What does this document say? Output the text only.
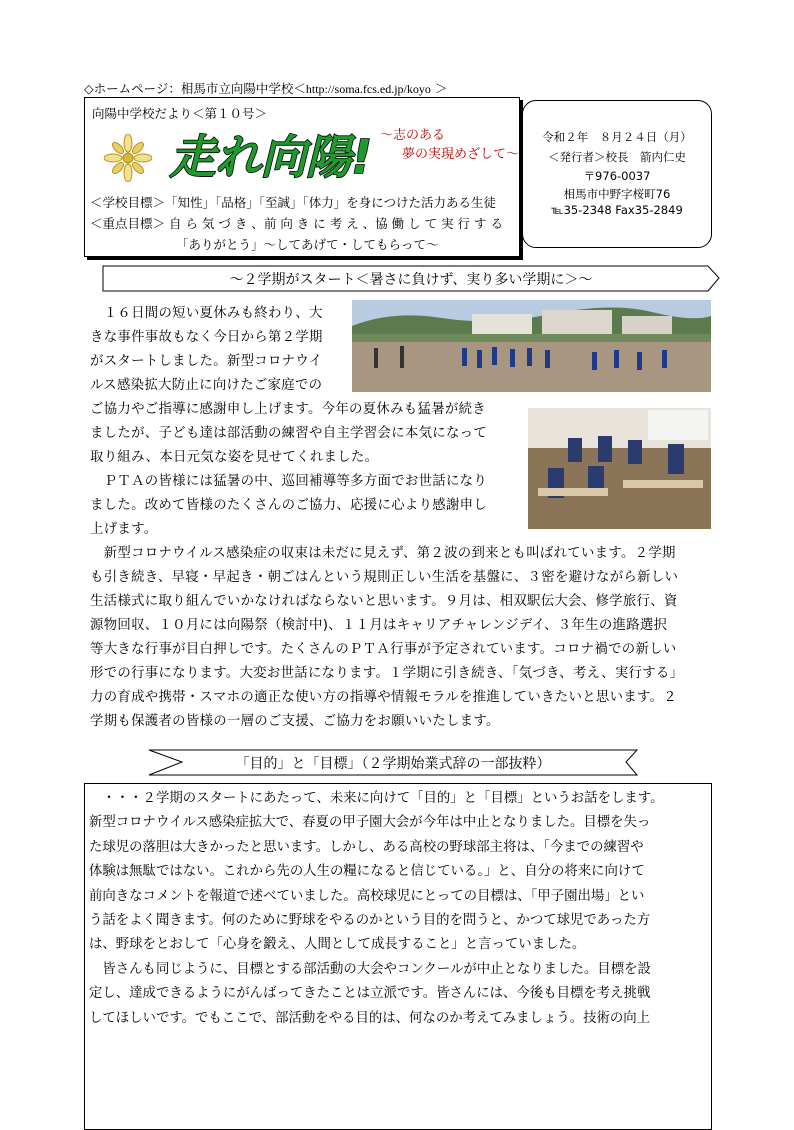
◇ホームページ：相馬市立向陽中学校＜http://soma.fcs.ed.jp/koyo ＞
向陽中学校だより＜第１０号＞
走れ向陽! ～志のある
夢の実現めざして～
＜学校目標＞「知性」「品格」「至誠」「体力」を身につけた活力ある生徒
＜重点目標＞ 自 ら 気 づ き 、前 向 き に 考 え 、協 働 し て 実 行 す る
「ありがとう」～してあげて・してもらって～
令和２年　８月２４日（月）
＜発行者＞校長　箭内仁史
〒976-0037
相馬市中野字桜町76
℡35-2348 Fax35-2849
～２学期がスタート＜暑さに負けず、実り多い学期に＞～
　１６日間の短い夏休みも終わり、大
きな事件事故もなく今日から第２学期
がスタートしました。新型コロナウイ
ルス感染拡大防止に向けたご家庭での
ご協力やご指導に感謝申し上げます。今年の夏休みも猛暑が続き
ましたが、子ども達は部活動の練習や自主学習会に本気になって
取り組み、本日元気な姿を見せてくれました。
　ＰＴＡの皆様には猛暑の中、巡回補導等多方面でお世話になり
ました。改めて皆様のたくさんのご協力、応援に心より感謝申し
上げます。
　新型コロナウイルス感染症の収束は未だに見えず、第２波の到来とも叫ばれています。２学期
も引き続き、早寝・早起き・朝ごはんという規則正しい生活を基盤に、３密を避けながら新しい
生活様式に取り組んでいかなければならないと思います。９月は、相双駅伝大会、修学旅行、資
源物回収、１０月には向陽祭（検討中)、１１月はキャリアチャレンジデイ、３年生の進路選択
等大きな行事が目白押しです。たくさんのＰＴＡ行事が予定されています。コロナ禍での新しい
形での行事になります。大変お世話になります。１学期に引き続き、「気づき、考え、実行する」
力の育成や携帯・スマホの適正な使い方の指導や情報モラルを推進していきたいと思います。２
学期も保護者の皆様の一層のご支援、ご協力をお願いいたします。
「目的」と「目標」（２学期始業式辞の一部抜粋）
　・・・２学期のスタートにあたって、未来に向けて「目的」と「目標」というお話をします。
新型コロナウイルス感染症拡大で、春夏の甲子園大会が今年は中止となりました。目標を失っ
た球児の落胆は大きかったと思います。しかし、ある高校の野球部主将は、「今までの練習や
体験は無駄ではない。これから先の人生の糧になると信じている。」と、自分の将来に向けて
前向きなコメントを報道で述べていました。高校球児にとっての目標は、「甲子園出場」とい
う話をよく聞きます。何のために野球をやるのかという目的を問うと、かつて球児であった方
は、野球をとおして「心身を鍛え、人間として成長すること」と言っていました。
　皆さんも同じように、目標とする部活動の大会やコンクールが中止となりました。目標を設
定し、達成できるようにがんばってきたことは立派です。皆さんには、今後も目標を考え挑戦
してほしいです。でもここで、部活動をやる目的は、何なのか考えてみましょう。技術の向上
